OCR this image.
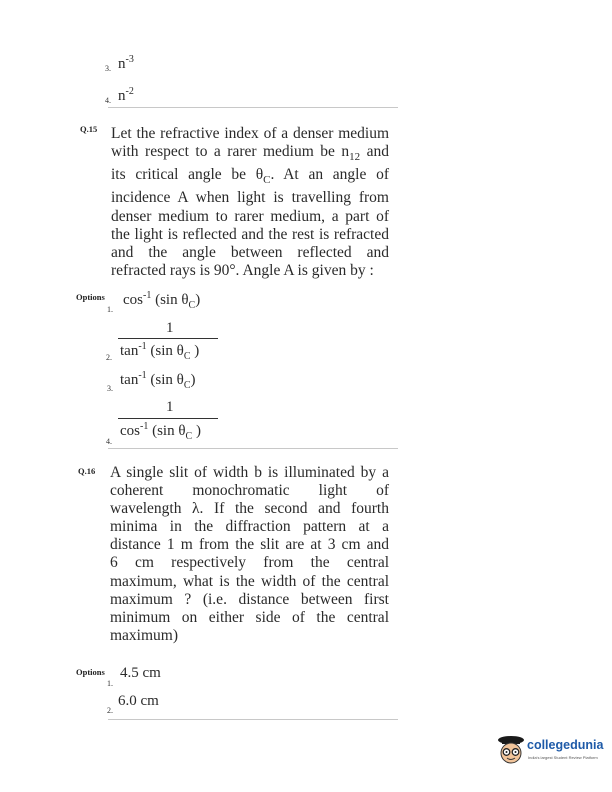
3. $n^{-3}$
4. $n^{-2}$
Q.15 Let the refractive index of a denser medium
with respect to a rarer medium be $n_{12}$ and
its critical angle be $\theta_C$. At an angle of
incidence A when light is travelling from
denser medium to rarer medium, a part of
the light is reflected and the rest is refracted
and the angle between reflected and
refracted rays is 90°. Angle A is given by :
Options
1.
$\cos^{-1} (\sin$ $\theta_C$)
1
2. $\tan^{-1} (\sin$ $\theta_C$ )
3.
$\tan^{-1} (\sin$ $\theta_C$)
1
4.
$\cos^{-1} (\sin$ $\theta_C$ )
Q.16 A single slit of width b is illuminated by a
coherent monochromatic light of
wavelength λ. If the second and fourth
minima in the diffraction pattern at a
distance 1 m from the slit are at 3 cm and
6 cm respectively from the central
maximum, what is the width of the central
maximum ? (i.e. distance between first
minimum on either side of the central
maximum)
Options
1.
4.5 cm
2.
6.0 cm
collegedunia
India's largest Student Review Platform
